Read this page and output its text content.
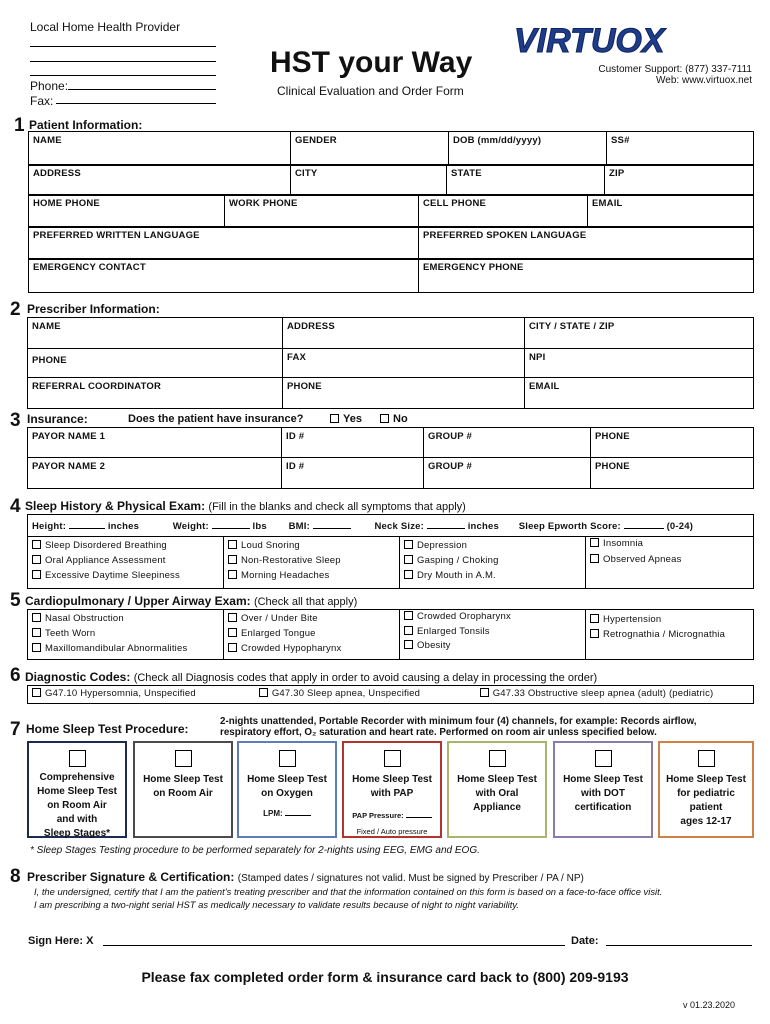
Local Home Health Provider
Phone:
Fax:
HST your Way
Clinical Evaluation and Order Form
VIRTUOX
Customer Support: (877) 337-7111
Web: www.virtuox.net
1 Patient Information:
NAME	GENDER	DOB (mm/dd/yyyy)	SS#
ADDRESS	CITY	STATE	ZIP
HOME PHONE	WORK PHONE	CELL PHONE	EMAIL
PREFERRED WRITTEN LANGUAGE	PREFERRED SPOKEN LANGUAGE
EMERGENCY CONTACT	EMERGENCY PHONE
2 Prescriber Information:
NAME	ADDRESS	CITY / STATE / ZIP
PHONE	FAX	NPI
REFERRAL COORDINATOR	PHONE	EMAIL
3 Insurance:	Does the patient have insurance?	Yes	No
PAYOR NAME 1	ID #	GROUP #	PHONE
PAYOR NAME 2	ID #	GROUP #	PHONE
4 Sleep History & Physical Exam: (Fill in the blanks and check all symptoms that apply)
Height:	inches	Weight:	lbs BMI:	Neck Size:	inches Sleep Epworth Score:	(0-24)

Sleep Disordered Breathing
Oral Appliance Assessment
Excessive Daytime Sleepiness

Loud Snoring
Non-Restorative Sleep
Morning Headaches

Depression
Gasping / Choking
Dry Mouth in A.M.

Insomnia
Observed Apneas
5 Cardiopulmonary / Upper Airway Exam: (Check all that apply)
Nasal Obstruction
Teeth Worn
Maxillomandibular Abnormalities

Over / Under Bite
Enlarged Tongue
Crowded Hypopharynx

Crowded Oropharynx
Enlarged Tonsils
Obesity

Hypertension
Retrognathia / Micrognathia
6 Diagnostic Codes: (Check all Diagnosis codes that apply in order to avoid causing a delay in processing the order)
G47.10 Hypersomnia, Unspecified	G47.30 Sleep apnea, Unspecified	G47.33 Obstructive sleep apnea (adult) (pediatric)
7 Home Sleep Test Procedure:
2-nights unattended, Portable Recorder with minimum four (4) channels, for example: Records airflow,
respiratory effort, O₂ saturation and heart rate. Performed on room air unless specified below.
Comprehensive
Home Sleep Test
on Room Air
and with
Sleep Stages*
Home Sleep Test
on Room Air
Home Sleep Test
on Oxygen
LPM:
Home Sleep Test
with PAP
PAP Pressure:
Fixed / Auto pressure
Home Sleep Test
with Oral
Appliance
Home Sleep Test
with DOT
certification
Home Sleep Test
for pediatric
patient
ages 12-17
* Sleep Stages Testing procedure to be performed separately for 2-nights using EEG, EMG and EOG.
8 Prescriber Signature & Certification: (Stamped dates / signatures not valid. Must be signed by Prescriber / PA / NP)
I, the undersigned, certify that I am the patient’s treating prescriber and that the information contained on this form is based on a face-to-face office visit.
I am prescribing a two-night serial HST as medically necessary to validate results because of night to night variability.
Sign Here: X	Date:
Please fax completed order form & insurance card back to (800) 209-9193
v 01.23.2020
